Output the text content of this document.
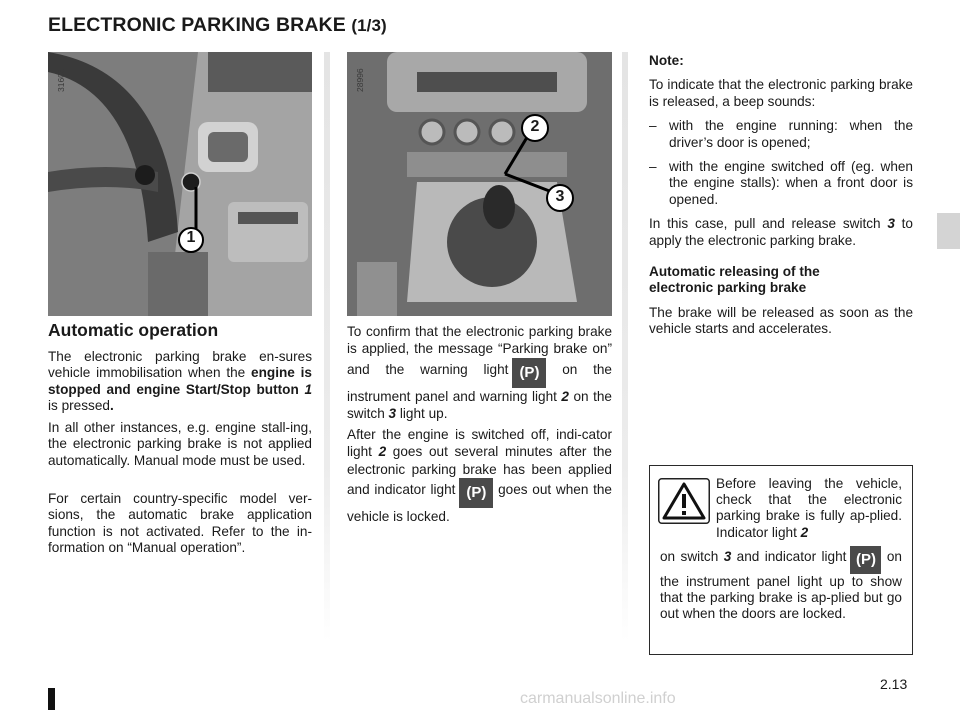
ELECTRONIC PARKING BRAKE (1/3)
31606
1
28996
2
3
Automatic operation
The electronic parking brake en-sures vehicle immobilisation when the engine is stopped and engine Start/Stop button 1 is pressed.
In all other instances, e.g. engine stall-ing, the electronic parking brake is not applied automatically. Manual mode must be used.
For certain country-specific model ver-sions, the automatic brake application function is not activated. Refer to the in-formation on “Manual operation”.
To confirm that the electronic parking brake is applied, the message “Parking brake on” and the warning light (P) on the instrument panel and warning light 2 on the switch 3 light up.
After the engine is switched off, indi-cator light 2 goes out several minutes after the electronic parking brake has been applied and indicator light (P) goes out when the vehicle is locked.
Note:
To indicate that the electronic parking brake is released, a beep sounds:
– with the engine running: when the driver’s door is opened;
– with the engine switched off (eg. when the engine stalls): when a front door is opened.
In this case, pull and release switch 3 to apply the electronic parking brake.
Automatic releasing of the
electronic parking brake
The brake will be released as soon as the vehicle starts and accelerates.
Before leaving the vehicle, check that the electronic parking brake is fully ap-plied. Indicator light 2
on switch 3 and indicator light (P) on the instrument panel light up to show that the parking brake is ap-plied but go out when the doors are locked.
2.13
carmanualsonline.info
